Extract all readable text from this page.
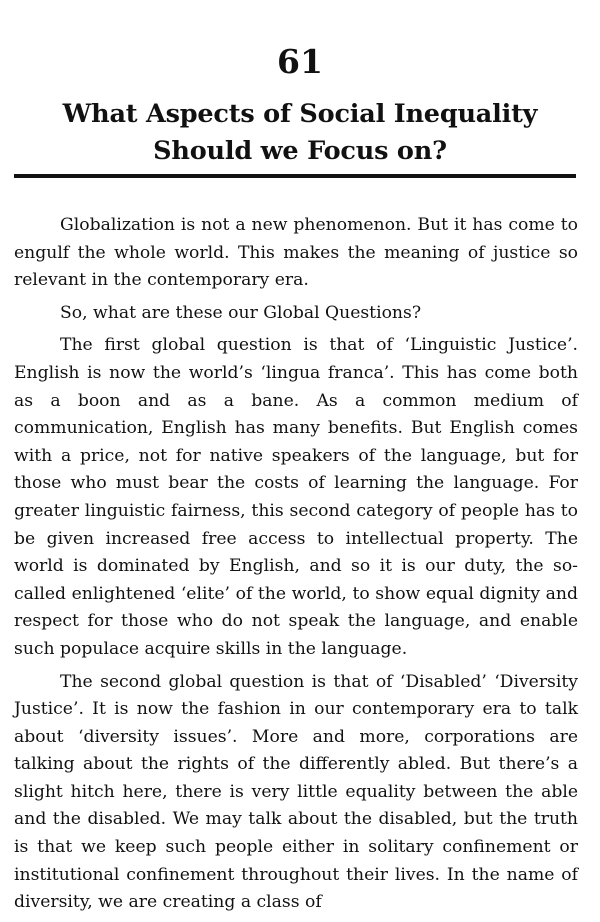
61
What Aspects of Social Inequality
Should we Focus on?

Globalization is not a new phenomenon. But it has come to engulf the whole world. This makes the meaning of justice so relevant in the contemporary era.

So, what are these our Global Questions?

The first global question is that of ‘Linguistic Justice’. English is now the world’s ‘lingua franca’. This has come both as a boon and as a bane. As a common medium of communication, English has many benefits. But English comes with a price, not for native speakers of the language, but for those who must bear the costs of learning the language. For greater linguistic fairness, this second category of people has to be given increased free access to intellectual property. The world is dominated by English, and so it is our duty, the so-called enlightened ‘elite’ of the world, to show equal dignity and respect for those who do not speak the language, and enable such populace acquire skills in the language.

The second global question is that of ‘Disabled’ ‘Diversity Justice’. It is now the fashion in our contemporary era to talk about ‘diversity issues’. More and more, corporations are talking about the rights of the differently abled. But there’s a slight hitch here, there is very little equality between the able and the disabled. We may talk about the disabled, but the truth is that we keep such people either in solitary confinement or institutional confinement throughout their lives. In the name of diversity, we are creating a class of
